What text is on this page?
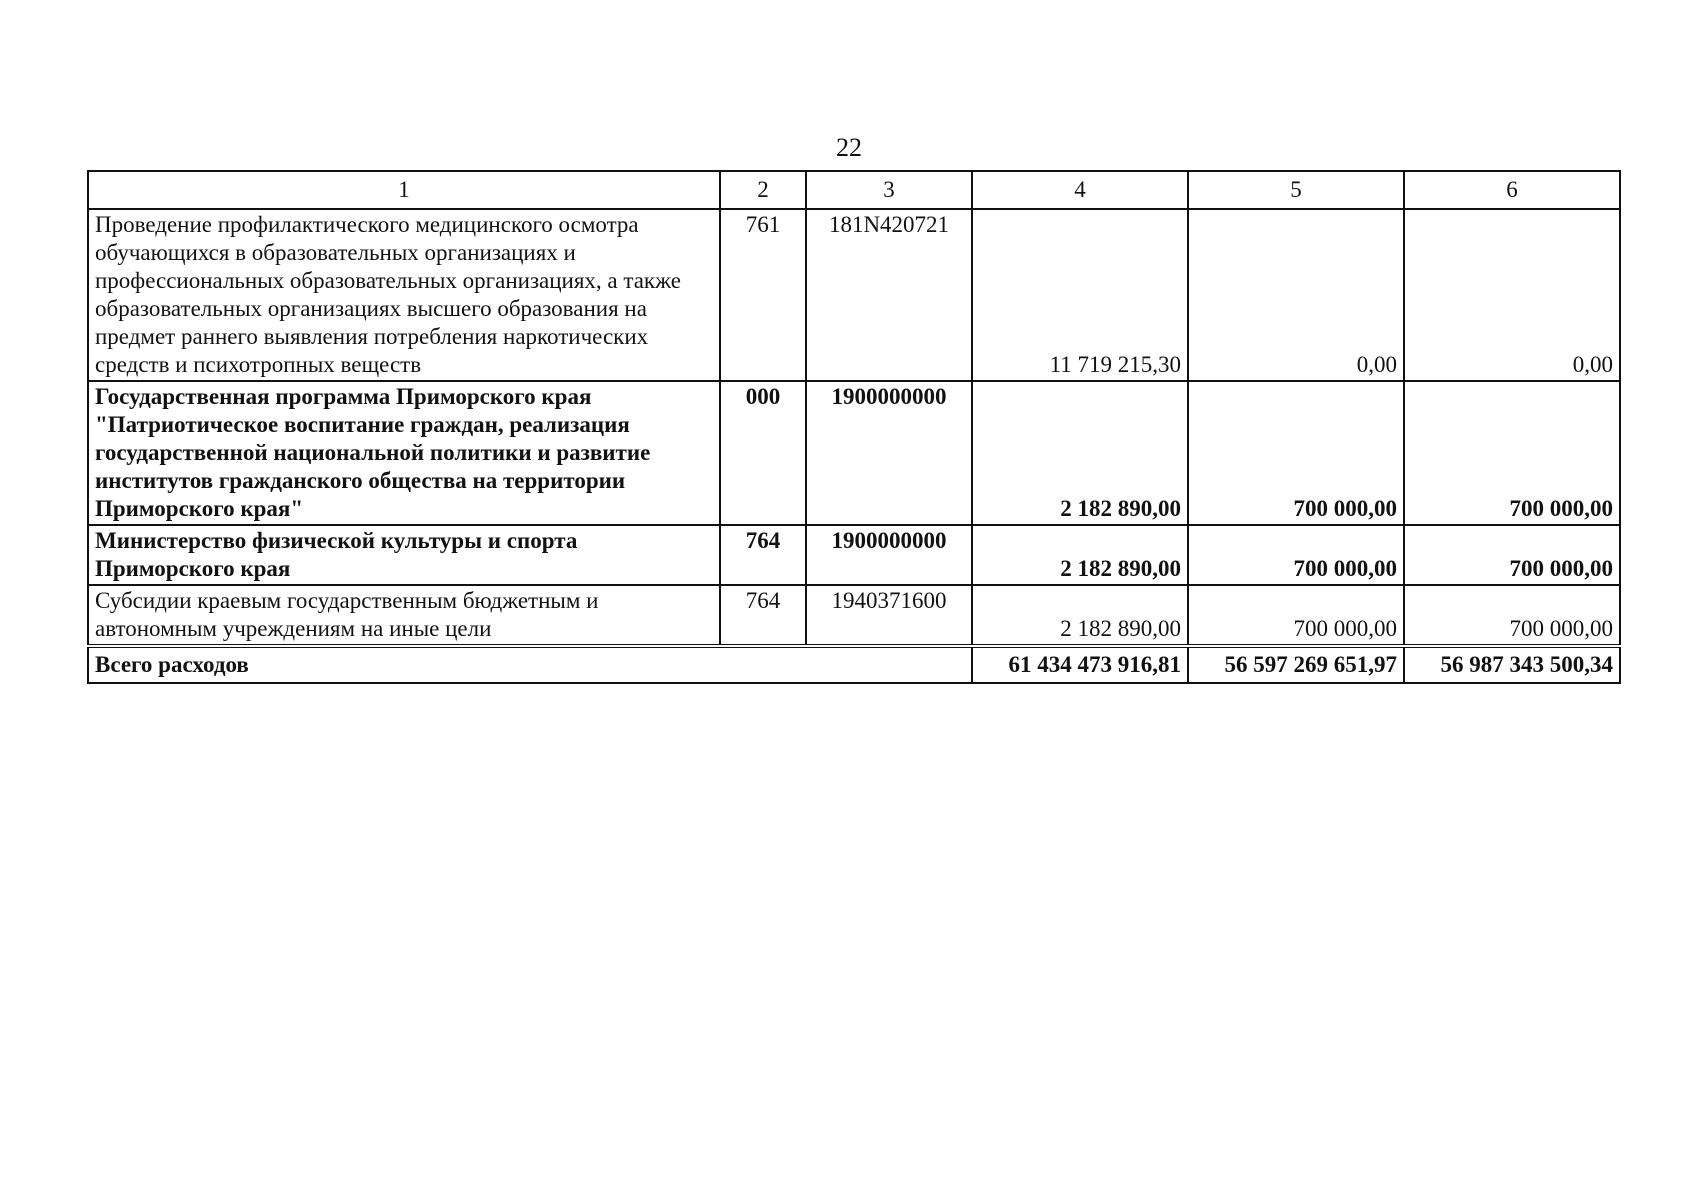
22
1	2	3	4	5	6
Проведение профилактического медицинского осмотра обучающихся в образовательных организациях и профессиональных образовательных организациях, а также образовательных организациях высшего образования на предмет раннего выявления потребления наркотических средств и психотропных веществ	761	181N420721	11 719 215,30	0,00	0,00
Государственная программа Приморского края "Патриотическое воспитание граждан, реализация государственной национальной политики и развитие институтов гражданского общества на территории Приморского края"	000	1900000000	2 182 890,00	700 000,00	700 000,00
Министерство физической культуры и спорта Приморского края	764	1900000000	2 182 890,00	700 000,00	700 000,00
Субсидии краевым государственным бюджетным и автономным учреждениям на иные цели	764	1940371600	2 182 890,00	700 000,00	700 000,00
Всего расходов			61 434 473 916,81	56 597 269 651,97	56 987 343 500,34
